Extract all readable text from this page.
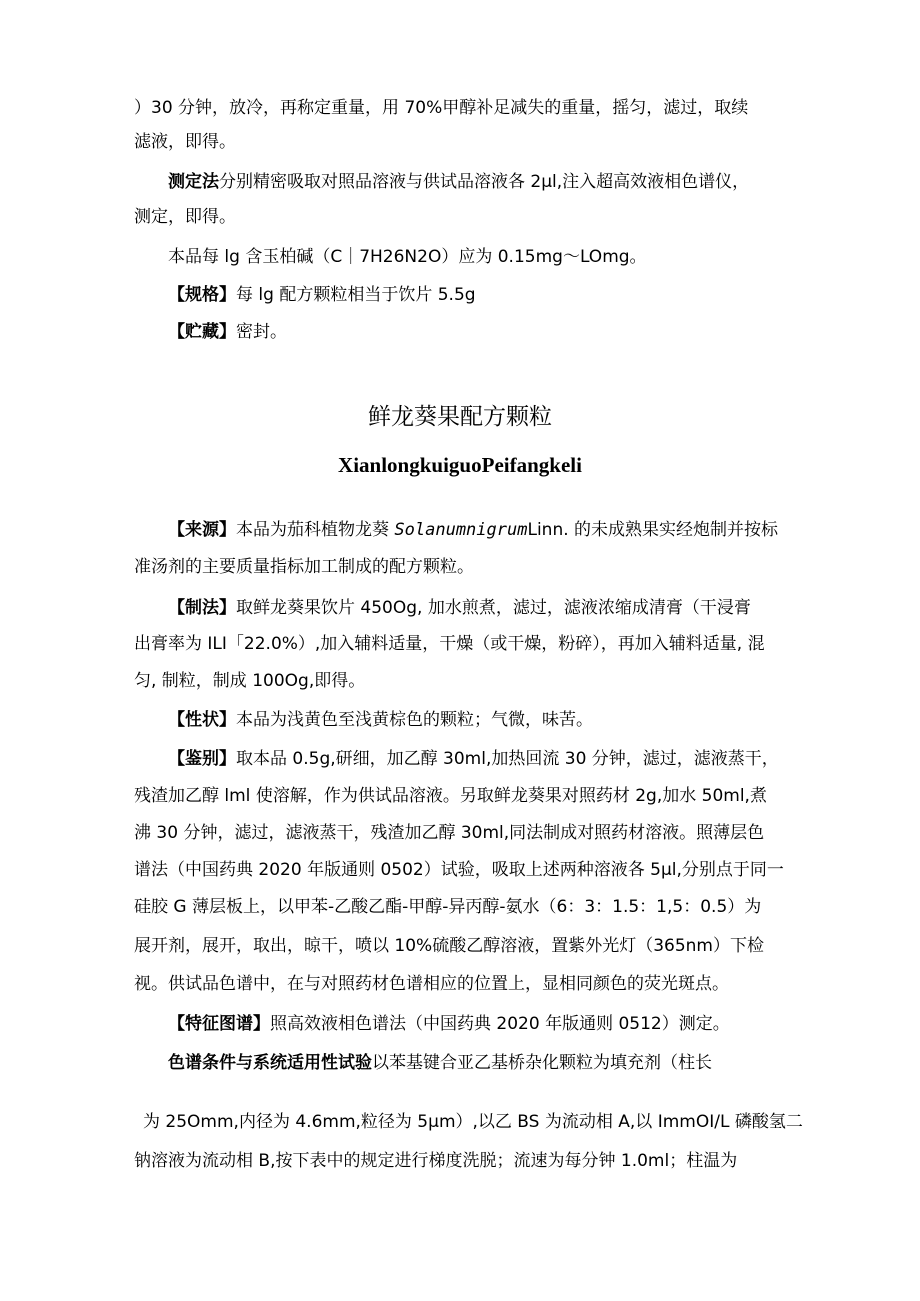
）30 分钟，放冷，再称定重量，用 70%甲醇补足减失的重量，摇匀，滤过，取续
滤液，即得。
测定法分别精密吸取对照品溶液与供试品溶液各 2μl,注入超高效液相色谱仪，
测定，即得。
本品每 lg 含玉柏碱（C｜7H26N2O）应为 0.15mg〜LOmg。
【规格】每 lg 配方颗粒相当于饮片 5.5g
【贮藏】密封。
鲜龙葵果配方颗粒
XianlongkuiguoPeifangkeli
【来源】本品为茄科植物龙葵 SolanumnigrumLinn. 的未成熟果实经炮制并按标
准汤剂的主要质量指标加工制成的配方颗粒。
【制法】取鲜龙葵果饮片 450Og, 加水煎煮，滤过，滤液浓缩成清膏（干浸膏
出膏率为 ILI「22.0%）,加入辅料适量，干燥（或干燥，粉碎），再加入辅料适量, 混
匀, 制粒，制成 100Og,即得。
【性状】本品为浅黄色至浅黄棕色的颗粒；气微，味苦。
【鉴别】取本品 0.5g,研细，加乙醇 30ml,加热回流 30 分钟，滤过，滤液蒸干，
残渣加乙醇 lml 使溶解，作为供试品溶液。另取鲜龙葵果对照药材 2g,加水 50ml,煮
沸 30 分钟，滤过，滤液蒸干，残渣加乙醇 30ml,同法制成对照药材溶液。照薄层色
谱法（中国药典 2020 年版通则 0502）试验，吸取上述两种溶液各 5μl,分别点于同一
硅胶 G 薄层板上，以甲苯-乙酸乙酯-甲醇-异丙醇-氨水（6：3：1.5：1,5：0.5）为
展开剂，展开，取出，晾干，喷以 10%硫酸乙醇溶液，置紫外光灯（365nm）下检
视。供试品色谱中，在与对照药材色谱相应的位置上，显相同颜色的荧光斑点。
【特征图谱】照高效液相色谱法（中国药典 2020 年版通则 0512）测定。
色谱条件与系统适用性试验以苯基键合亚乙基桥杂化颗粒为填充剂（柱长
为 25Omm,内径为 4.6mm,粒径为 5μm）,以乙 BS 为流动相 A,以 ImmOI/L 磷酸氢二
钠溶液为流动相 B,按下表中的规定进行梯度洗脱；流速为每分钟 1.0ml；柱温为
